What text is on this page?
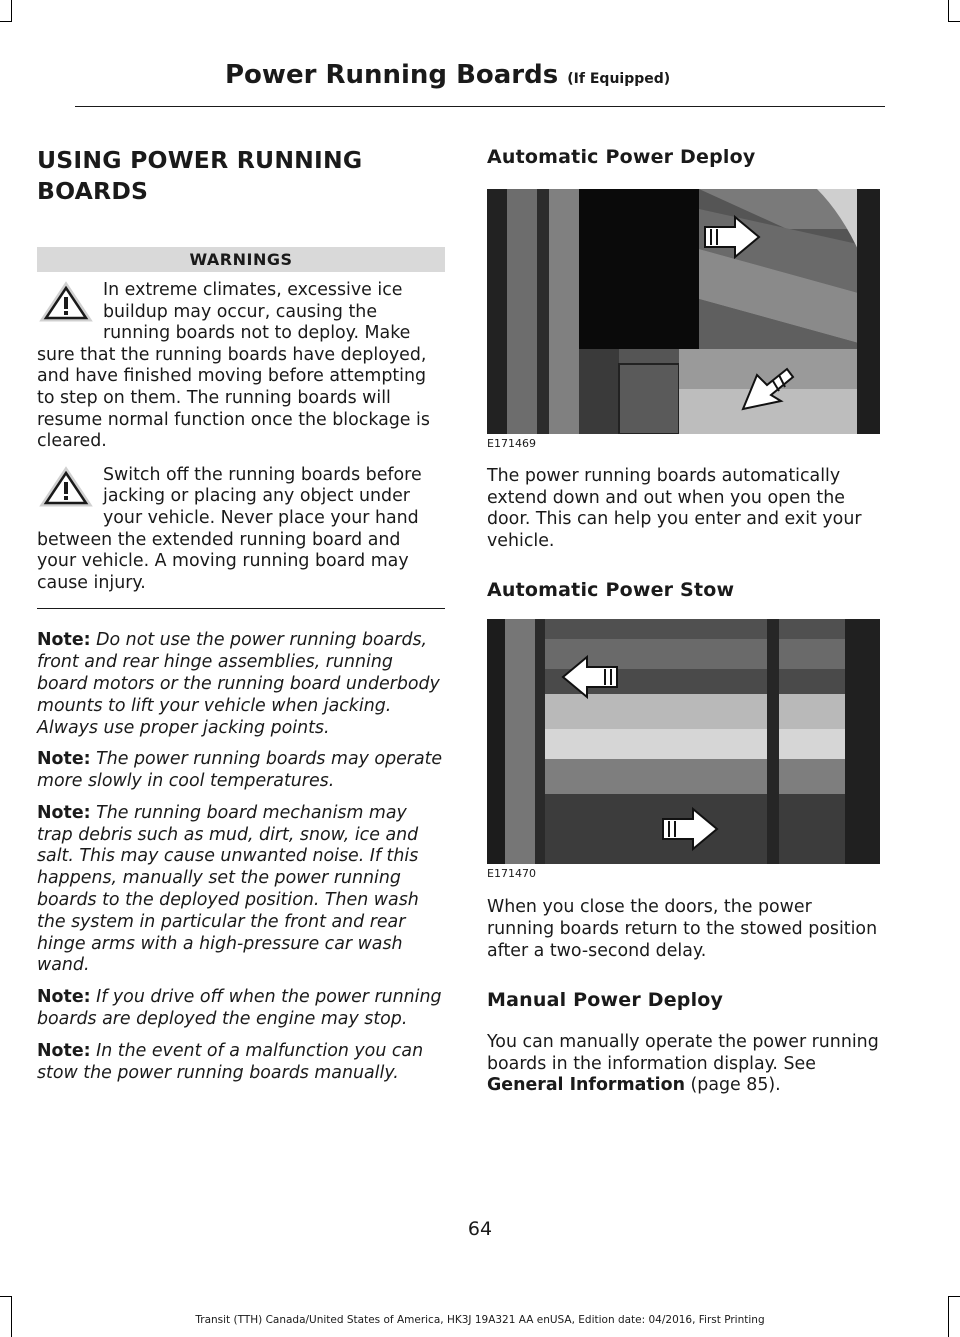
Power Running Boards (If Equipped)
USING POWER RUNNING BOARDS
WARNINGS

In extreme climates, excessive ice buildup may occur, causing the running boards not to deploy. Make sure that the running boards have deployed, and have finished moving before attempting to step on them. The running boards will resume normal function once the blockage is cleared.

Switch off the running boards before jacking or placing any object under your vehicle. Never place your hand between the extended running board and your vehicle. A moving running board may cause injury.

Note: Do not use the power running boards, front and rear hinge assemblies, running board motors or the running board underbody mounts to lift your vehicle when jacking. Always use proper jacking points.

Note: The power running boards may operate more slowly in cool temperatures.

Note: The running board mechanism may trap debris such as mud, dirt, snow, ice and salt. This may cause unwanted noise. If this happens, manually set the power running boards to the deployed position. Then wash the system in particular the front and rear hinge arms with a high-pressure car wash wand.

Note: If you drive off when the power running boards are deployed the engine may stop.

Note: In the event of a malfunction you can stow the power running boards manually.

Automatic Power Deploy
E171469

The power running boards automatically extend down and out when you open the door. This can help you enter and exit your vehicle.

Automatic Power Stow
E171470

When you close the doors, the power running boards return to the stowed position after a two-second delay.

Manual Power Deploy

You can manually operate the power running boards in the information display. See General Information (page 85).

64
Transit (TTH) Canada/United States of America, HK3J 19A321 AA enUSA, Edition date: 04/2016, First Printing
